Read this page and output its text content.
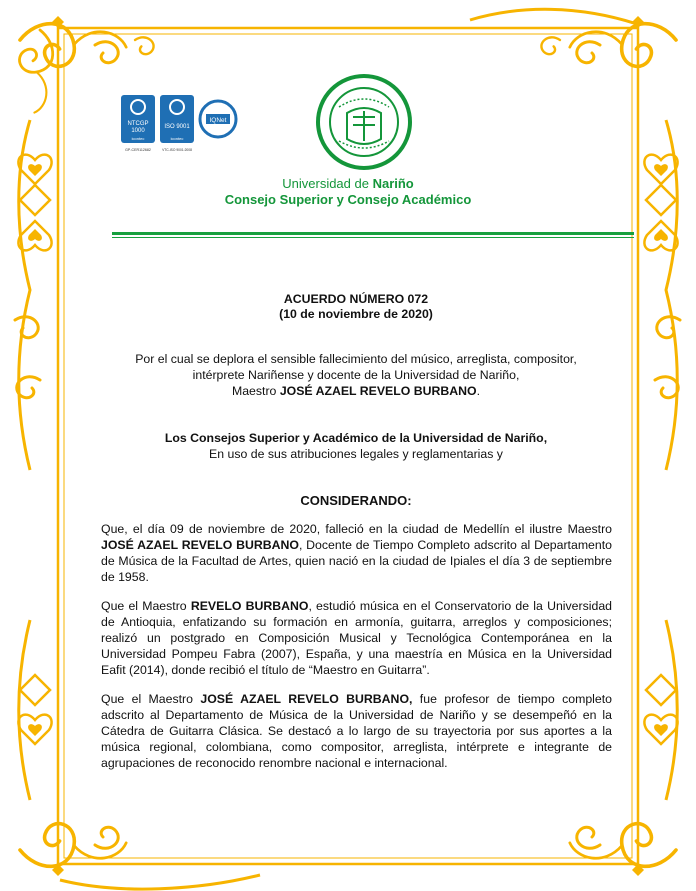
NTCGP
1000
icontec
GP-CER112682
ISO 9001
icontec
VTC-ISO 9001:2008
IQNet
Universidad de Nariño
Consejo Superior y Consejo Académico
ACUERDO NÚMERO 072
(10 de noviembre de 2020)
Por el cual se deplora el sensible fallecimiento del músico, arreglista, compositor,
intérprete Nariñense y docente de la Universidad de Nariño,
Maestro JOSÉ AZAEL REVELO BURBANO.
Los Consejos Superior y Académico de la Universidad de Nariño,
En uso de sus atribuciones legales y reglamentarias y
CONSIDERANDO:
Que, el día 09 de noviembre de 2020, falleció en la ciudad de Medellín el ilustre Maestro JOSÉ AZAEL REVELO BURBANO, Docente de Tiempo Completo adscrito al Departamento de Música de la Facultad de Artes, quien nació en la ciudad de Ipiales el día 3 de septiembre de 1958.
Que el Maestro REVELO BURBANO, estudió música en el Conservatorio de la Universidad de Antioquia, enfatizando su formación en armonía, guitarra, arreglos y composiciones; realizó un postgrado en Composición Musical y Tecnológica Contemporánea en la Universidad Pompeu Fabra (2007), España, y una maestría en Música en la Universidad Eafit (2014), donde recibió el título de “Maestro en Guitarra”.
Que el Maestro JOSÉ AZAEL REVELO BURBANO, fue profesor de tiempo completo adscrito al Departamento de Música de la Universidad de Nariño y se desempeñó en la Cátedra de Guitarra Clásica. Se destacó a lo largo de su trayectoria por sus aportes a la música regional, colombiana, como compositor, arreglista, intérprete e integrante de agrupaciones de reconocido renombre nacional e internacional.
